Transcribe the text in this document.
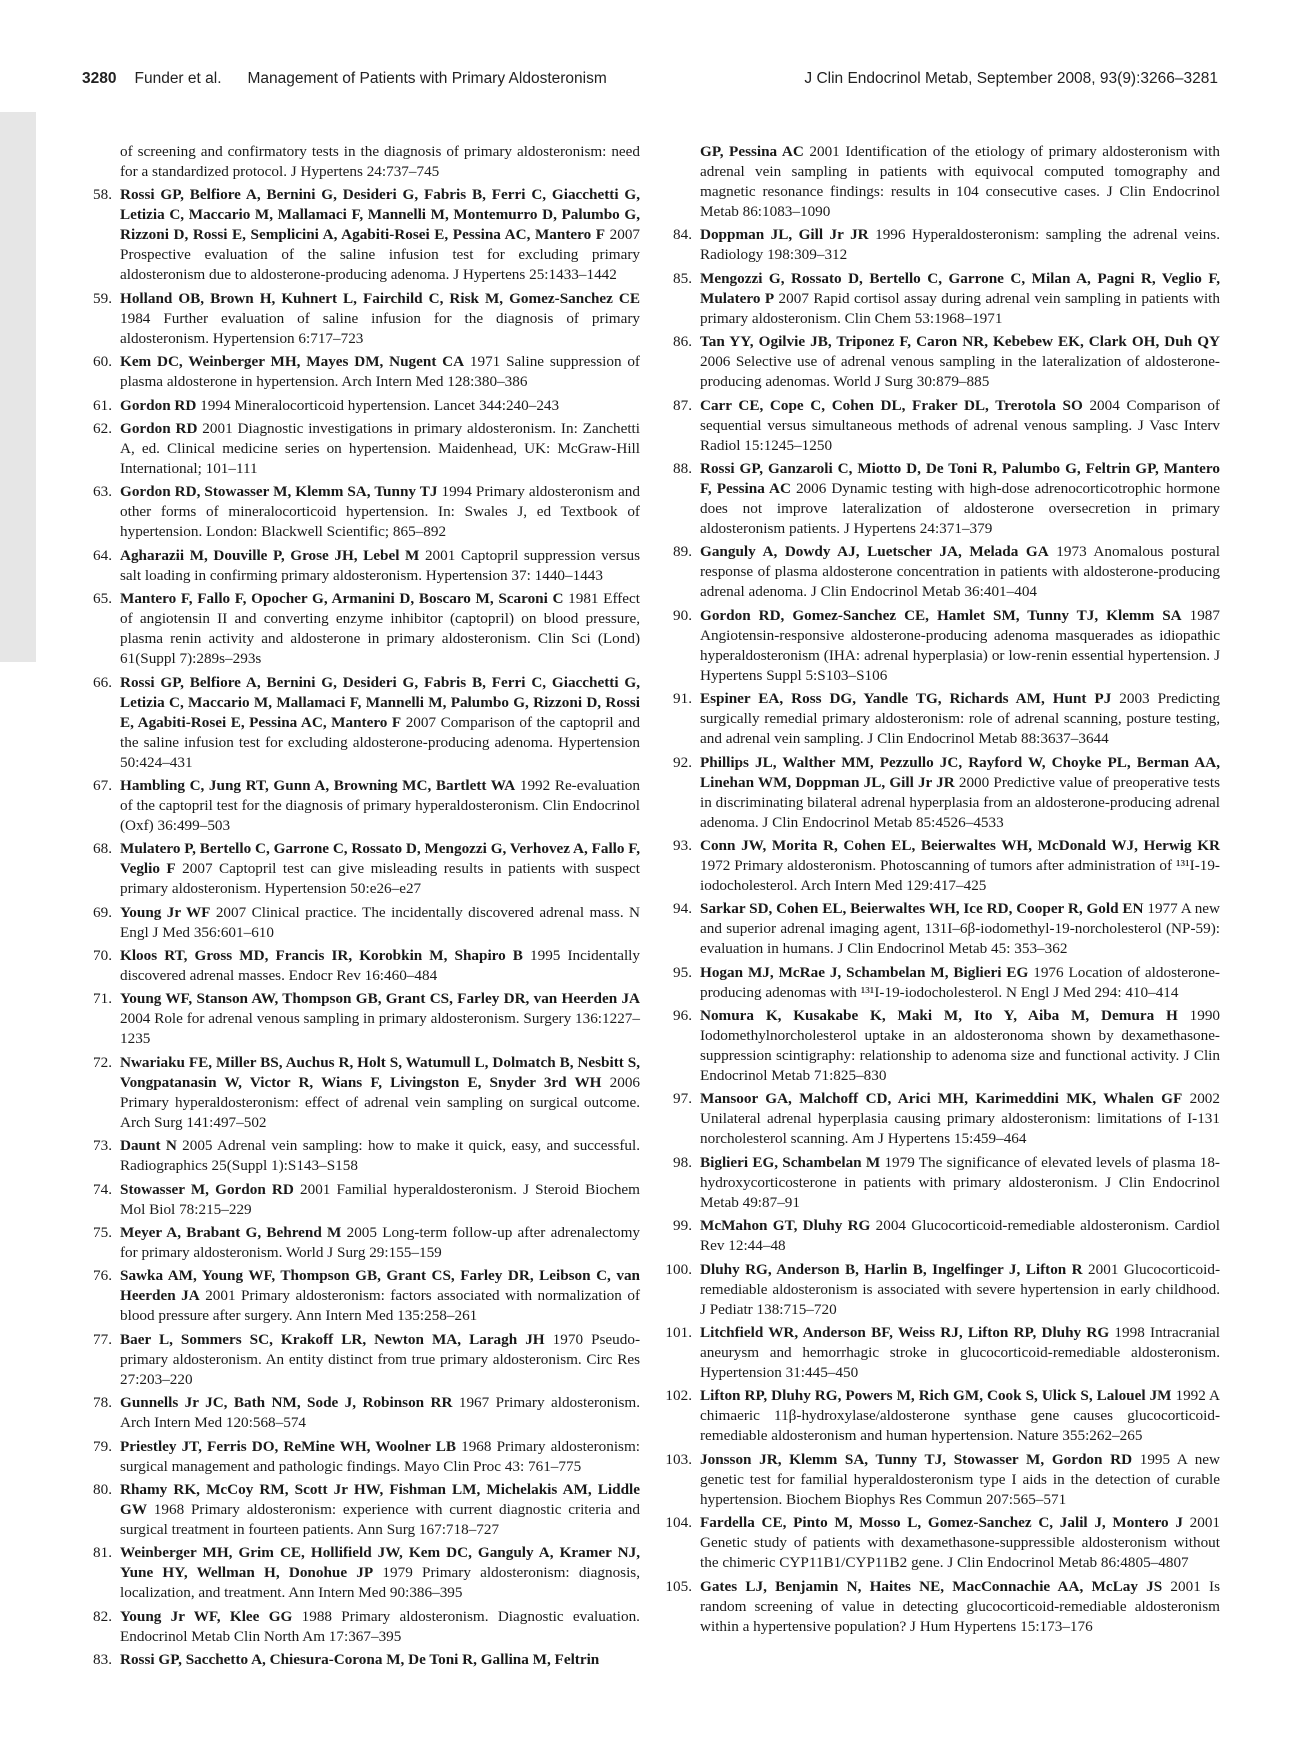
3280 Funder et al. Management of Patients with Primary Aldosteronism	J Clin Endocrinol Metab, September 2008, 93(9):3266–3281
of screening and confirmatory tests in the diagnosis of primary aldosteronism: need for a standardized protocol. J Hypertens 24:737–745
58. Rossi GP, Belfiore A, Bernini G, Desideri G, Fabris B, Ferri C, Giacchetti G, Letizia C, Maccario M, Mallamaci F, Mannelli M, Montemurro D, Palumbo G, Rizzoni D, Rossi E, Semplicini A, Agabiti-Rosei E, Pessina AC, Mantero F 2007 Prospective evaluation of the saline infusion test for excluding primary aldosteronism due to aldosterone-producing adenoma. J Hypertens 25:1433–1442
59. Holland OB, Brown H, Kuhnert L, Fairchild C, Risk M, Gomez-Sanchez CE 1984 Further evaluation of saline infusion for the diagnosis of primary aldosteronism. Hypertension 6:717–723
60. Kem DC, Weinberger MH, Mayes DM, Nugent CA 1971 Saline suppression of plasma aldosterone in hypertension. Arch Intern Med 128:380–386
61. Gordon RD 1994 Mineralocorticoid hypertension. Lancet 344:240–243
62. Gordon RD 2001 Diagnostic investigations in primary aldosteronism. In: Zanchetti A, ed. Clinical medicine series on hypertension. Maidenhead, UK: McGraw-Hill International; 101–111
63. Gordon RD, Stowasser M, Klemm SA, Tunny TJ 1994 Primary aldosteronism and other forms of mineralocorticoid hypertension. In: Swales J, ed Textbook of hypertension. London: Blackwell Scientific; 865–892
64. Agharazii M, Douville P, Grose JH, Lebel M 2001 Captopril suppression versus salt loading in confirming primary aldosteronism. Hypertension 37: 1440–1443
65. Mantero F, Fallo F, Opocher G, Armanini D, Boscaro M, Scaroni C 1981 Effect of angiotensin II and converting enzyme inhibitor (captopril) on blood pressure, plasma renin activity and aldosterone in primary aldosteronism. Clin Sci (Lond) 61(Suppl 7):289s–293s
66. Rossi GP, Belfiore A, Bernini G, Desideri G, Fabris B, Ferri C, Giacchetti G, Letizia C, Maccario M, Mallamaci F, Mannelli M, Palumbo G, Rizzoni D, Rossi E, Agabiti-Rosei E, Pessina AC, Mantero F 2007 Comparison of the captopril and the saline infusion test for excluding aldosterone-producing adenoma. Hypertension 50:424–431
67. Hambling C, Jung RT, Gunn A, Browning MC, Bartlett WA 1992 Re-evaluation of the captopril test for the diagnosis of primary hyperaldosteronism. Clin Endocrinol (Oxf) 36:499–503
68. Mulatero P, Bertello C, Garrone C, Rossato D, Mengozzi G, Verhovez A, Fallo F, Veglio F 2007 Captopril test can give misleading results in patients with suspect primary aldosteronism. Hypertension 50:e26–e27
69. Young Jr WF 2007 Clinical practice. The incidentally discovered adrenal mass. N Engl J Med 356:601–610
70. Kloos RT, Gross MD, Francis IR, Korobkin M, Shapiro B 1995 Incidentally discovered adrenal masses. Endocr Rev 16:460–484
71. Young WF, Stanson AW, Thompson GB, Grant CS, Farley DR, van Heerden JA 2004 Role for adrenal venous sampling in primary aldosteronism. Surgery 136:1227–1235
72. Nwariaku FE, Miller BS, Auchus R, Holt S, Watumull L, Dolmatch B, Nesbitt S, Vongpatanasin W, Victor R, Wians F, Livingston E, Snyder 3rd WH 2006 Primary hyperaldosteronism: effect of adrenal vein sampling on surgical outcome. Arch Surg 141:497–502
73. Daunt N 2005 Adrenal vein sampling: how to make it quick, easy, and successful. Radiographics 25(Suppl 1):S143–S158
74. Stowasser M, Gordon RD 2001 Familial hyperaldosteronism. J Steroid Biochem Mol Biol 78:215–229
75. Meyer A, Brabant G, Behrend M 2005 Long-term follow-up after adrenalectomy for primary aldosteronism. World J Surg 29:155–159
76. Sawka AM, Young WF, Thompson GB, Grant CS, Farley DR, Leibson C, van Heerden JA 2001 Primary aldosteronism: factors associated with normalization of blood pressure after surgery. Ann Intern Med 135:258–261
77. Baer L, Sommers SC, Krakoff LR, Newton MA, Laragh JH 1970 Pseudo-primary aldosteronism. An entity distinct from true primary aldosteronism. Circ Res 27:203–220
78. Gunnells Jr JC, Bath NM, Sode J, Robinson RR 1967 Primary aldosteronism. Arch Intern Med 120:568–574
79. Priestley JT, Ferris DO, ReMine WH, Woolner LB 1968 Primary aldosteronism: surgical management and pathologic findings. Mayo Clin Proc 43: 761–775
80. Rhamy RK, McCoy RM, Scott Jr HW, Fishman LM, Michelakis AM, Liddle GW 1968 Primary aldosteronism: experience with current diagnostic criteria and surgical treatment in fourteen patients. Ann Surg 167:718–727
81. Weinberger MH, Grim CE, Hollifield JW, Kem DC, Ganguly A, Kramer NJ, Yune HY, Wellman H, Donohue JP 1979 Primary aldosteronism: diagnosis, localization, and treatment. Ann Intern Med 90:386–395
82. Young Jr WF, Klee GG 1988 Primary aldosteronism. Diagnostic evaluation. Endocrinol Metab Clin North Am 17:367–395
83. Rossi GP, Sacchetto A, Chiesura-Corona M, De Toni R, Gallina M, Feltrin
GP, Pessina AC 2001 Identification of the etiology of primary aldosteronism with adrenal vein sampling in patients with equivocal computed tomography and magnetic resonance findings: results in 104 consecutive cases. J Clin Endocrinol Metab 86:1083–1090
84. Doppman JL, Gill Jr JR 1996 Hyperaldosteronism: sampling the adrenal veins. Radiology 198:309–312
85. Mengozzi G, Rossato D, Bertello C, Garrone C, Milan A, Pagni R, Veglio F, Mulatero P 2007 Rapid cortisol assay during adrenal vein sampling in patients with primary aldosteronism. Clin Chem 53:1968–1971
86. Tan YY, Ogilvie JB, Triponez F, Caron NR, Kebebew EK, Clark OH, Duh QY 2006 Selective use of adrenal venous sampling in the lateralization of aldosterone-producing adenomas. World J Surg 30:879–885
87. Carr CE, Cope C, Cohen DL, Fraker DL, Trerotola SO 2004 Comparison of sequential versus simultaneous methods of adrenal venous sampling. J Vasc Interv Radiol 15:1245–1250
88. Rossi GP, Ganzaroli C, Miotto D, De Toni R, Palumbo G, Feltrin GP, Mantero F, Pessina AC 2006 Dynamic testing with high-dose adrenocorticotrophic hormone does not improve lateralization of aldosterone oversecretion in primary aldosteronism patients. J Hypertens 24:371–379
89. Ganguly A, Dowdy AJ, Luetscher JA, Melada GA 1973 Anomalous postural response of plasma aldosterone concentration in patients with aldosterone-producing adrenal adenoma. J Clin Endocrinol Metab 36:401–404
90. Gordon RD, Gomez-Sanchez CE, Hamlet SM, Tunny TJ, Klemm SA 1987 Angiotensin-responsive aldosterone-producing adenoma masquerades as idiopathic hyperaldosteronism (IHA: adrenal hyperplasia) or low-renin essential hypertension. J Hypertens Suppl 5:S103–S106
91. Espiner EA, Ross DG, Yandle TG, Richards AM, Hunt PJ 2003 Predicting surgically remedial primary aldosteronism: role of adrenal scanning, posture testing, and adrenal vein sampling. J Clin Endocrinol Metab 88:3637–3644
92. Phillips JL, Walther MM, Pezzullo JC, Rayford W, Choyke PL, Berman AA, Linehan WM, Doppman JL, Gill Jr JR 2000 Predictive value of preoperative tests in discriminating bilateral adrenal hyperplasia from an aldosterone-producing adrenal adenoma. J Clin Endocrinol Metab 85:4526–4533
93. Conn JW, Morita R, Cohen EL, Beierwaltes WH, McDonald WJ, Herwig KR 1972 Primary aldosteronism. Photoscanning of tumors after administration of ¹³¹I-19-iodocholesterol. Arch Intern Med 129:417–425
94. Sarkar SD, Cohen EL, Beierwaltes WH, Ice RD, Cooper R, Gold EN 1977 A new and superior adrenal imaging agent, 131I–6β-iodomethyl-19-norcholesterol (NP-59): evaluation in humans. J Clin Endocrinol Metab 45: 353–362
95. Hogan MJ, McRae J, Schambelan M, Biglieri EG 1976 Location of aldosterone-producing adenomas with ¹³¹I-19-iodocholesterol. N Engl J Med 294: 410–414
96. Nomura K, Kusakabe K, Maki M, Ito Y, Aiba M, Demura H 1990 Iodomethylnorcholesterol uptake in an aldosteronoma shown by dexamethasone-suppression scintigraphy: relationship to adenoma size and functional activity. J Clin Endocrinol Metab 71:825–830
97. Mansoor GA, Malchoff CD, Arici MH, Karimeddini MK, Whalen GF 2002 Unilateral adrenal hyperplasia causing primary aldosteronism: limitations of I-131 norcholesterol scanning. Am J Hypertens 15:459–464
98. Biglieri EG, Schambelan M 1979 The significance of elevated levels of plasma 18-hydroxycorticosterone in patients with primary aldosteronism. J Clin Endocrinol Metab 49:87–91
99. McMahon GT, Dluhy RG 2004 Glucocorticoid-remediable aldosteronism. Cardiol Rev 12:44–48
100. Dluhy RG, Anderson B, Harlin B, Ingelfinger J, Lifton R 2001 Glucocorticoid-remediable aldosteronism is associated with severe hypertension in early childhood. J Pediatr 138:715–720
101. Litchfield WR, Anderson BF, Weiss RJ, Lifton RP, Dluhy RG 1998 Intracranial aneurysm and hemorrhagic stroke in glucocorticoid-remediable aldosteronism. Hypertension 31:445–450
102. Lifton RP, Dluhy RG, Powers M, Rich GM, Cook S, Ulick S, Lalouel JM 1992 A chimaeric 11β-hydroxylase/aldosterone synthase gene causes glucocorticoid-remediable aldosteronism and human hypertension. Nature 355:262–265
103. Jonsson JR, Klemm SA, Tunny TJ, Stowasser M, Gordon RD 1995 A new genetic test for familial hyperaldosteronism type I aids in the detection of curable hypertension. Biochem Biophys Res Commun 207:565–571
104. Fardella CE, Pinto M, Mosso L, Gomez-Sanchez C, Jalil J, Montero J 2001 Genetic study of patients with dexamethasone-suppressible aldosteronism without the chimeric CYP11B1/CYP11B2 gene. J Clin Endocrinol Metab 86:4805–4807
105. Gates LJ, Benjamin N, Haites NE, MacConnachie AA, McLay JS 2001 Is random screening of value in detecting glucocorticoid-remediable aldosteronism within a hypertensive population? J Hum Hypertens 15:173–176
